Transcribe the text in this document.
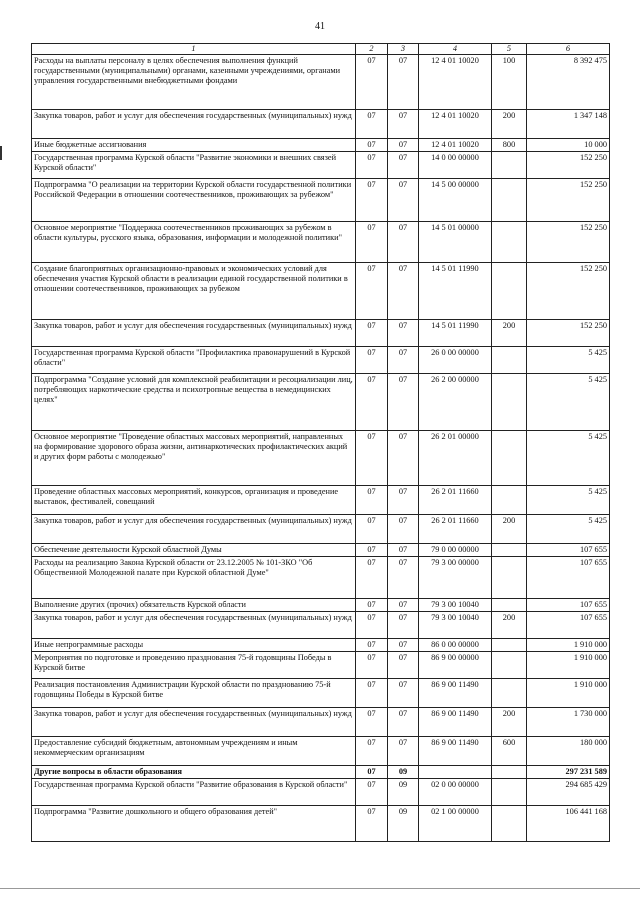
41
1	2	3	4	5	6
Расходы на выплаты персоналу в целях обеспечения выполнения функций государственными (муниципальными) органами, казенными учреждениями, органами управления государственными внебюджетными фондами	07	07	12 4 01 10020	100	8 392 475
Закупка товаров, работ и услуг для обеспечения государственных (муниципальных) нужд	07	07	12 4 01 10020	200	1 347 148
Иные бюджетные ассигнования	07	07	12 4 01 10020	800	10 000
Государственная программа Курской области "Развитие экономики и внешних связей Курской области"	07	07	14 0 00 00000		152 250
Подпрограмма "О реализации на территории Курской области государственной политики Российской Федерации в отношении соотечественников, проживающих за рубежом"	07	07	14 5 00 00000		152 250
Основное мероприятие "Поддержка соотечественников проживающих за рубежом в области культуры, русского языка, образования, информации и молодежной политики"	07	07	14 5 01 00000		152 250
Создание благоприятных организационно-правовых и экономических условий для обеспечения участия Курской области в реализации единой государственной политики в отношении соотечественников, проживающих за рубежом	07	07	14 5 01 11990		152 250
Закупка товаров, работ и услуг для обеспечения государственных (муниципальных) нужд	07	07	14 5 01 11990	200	152 250
Государственная программа Курской области "Профилактика правонарушений в Курской области"	07	07	26 0 00 00000		5 425
Подпрограмма "Создание условий для комплексной реабилитации и ресоциализации лиц, потребляющих наркотические средства и психотропные вещества в немедицинских целях"	07	07	26 2 00 00000		5 425
Основное мероприятие "Проведение областных массовых мероприятий, направленных на формирование здорового образа жизни, антинаркотических профилактических акций и других форм работы с молодежью"	07	07	26 2 01 00000		5 425
Проведение областных массовых мероприятий, конкурсов, организация и проведение выставок, фестивалей, совещаний	07	07	26 2 01 11660		5 425
Закупка товаров, работ и услуг для обеспечения государственных (муниципальных) нужд	07	07	26 2 01 11660	200	5 425
Обеспечение деятельности Курской областной Думы	07	07	79 0 00 00000		107 655
Расходы на реализацию Закона Курской области от 23.12.2005 № 101-ЗКО "Об Общественной Молодежной палате при Курской областной Думе"	07	07	79 3 00 00000		107 655
Выполнение других (прочих) обязательств Курской области	07	07	79 3 00 10040		107 655
Закупка товаров, работ и услуг для обеспечения государственных (муниципальных) нужд	07	07	79 3 00 10040	200	107 655
Иные непрограммные расходы	07	07	86 0 00 00000		1 910 000
Мероприятия по подготовке и проведению празднования 75-й годовщины Победы в Курской битве	07	07	86 9 00 00000		1 910 000
Реализация постановления Администрации Курской области по празднованию 75-й годовщины Победы в Курской битве	07	07	86 9 00 11490		1 910 000
Закупка товаров, работ и услуг для обеспечения государственных (муниципальных) нужд	07	07	86 9 00 11490	200	1 730 000
Предоставление субсидий бюджетным, автономным учреждениям и иным некоммерческим организациям	07	07	86 9 00 11490	600	180 000
Другие вопросы в области образования	07	09			297 231 589
Государственная программа Курской области "Развитие образования в Курской области"	07	09	02 0 00 00000		294 685 429
Подпрограмма "Развитие дошкольного и общего образования детей"	07	09	02 1 00 00000		106 441 168
